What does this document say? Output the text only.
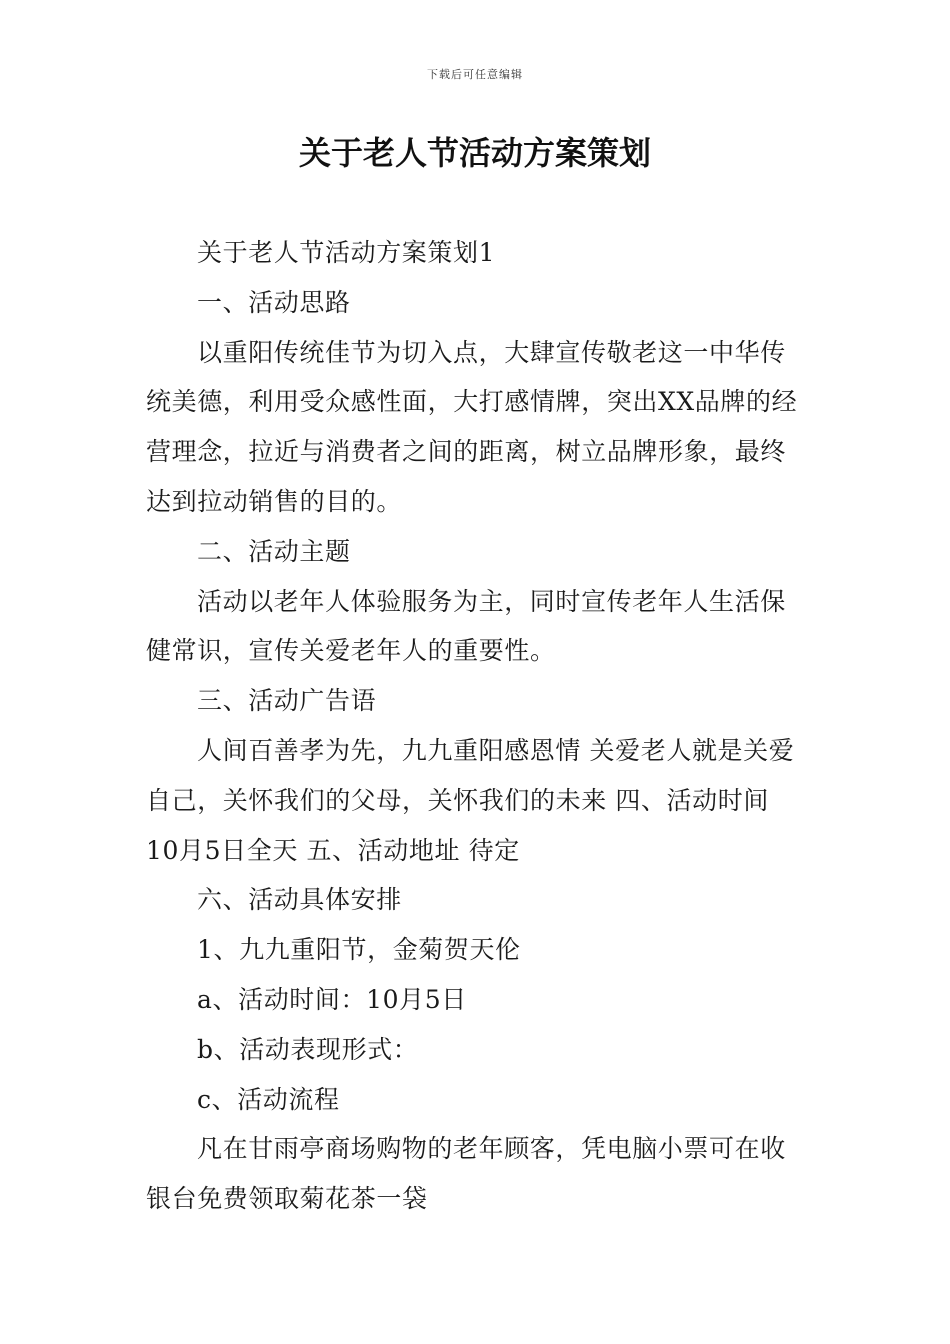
下载后可任意编辑
关于老人节活动方案策划

关于老人节活动方案策划1

一、活动思路

以重阳传统佳节为切入点，大肆宣传敬老这一中华传统美德，利用受众感性面，大打感情牌，突出XX品牌的经营理念，拉近与消费者之间的距离，树立品牌形象，最终达到拉动销售的目的。

二、活动主题

活动以老年人体验服务为主，同时宣传老年人生活保健常识，宣传关爱老年人的重要性。

三、活动广告语

人间百善孝为先，九九重阳感恩情 关爱老人就是关爱自己，关怀我们的父母，关怀我们的未来 四、活动时间 10月5日全天 五、活动地址 待定

六、活动具体安排

1、九九重阳节，金菊贺天伦

a、活动时间：10月5日

b、活动表现形式：

c、活动流程

凡在甘雨亭商场购物的老年顾客，凭电脑小票可在收银台免费领取菊花茶一袋
